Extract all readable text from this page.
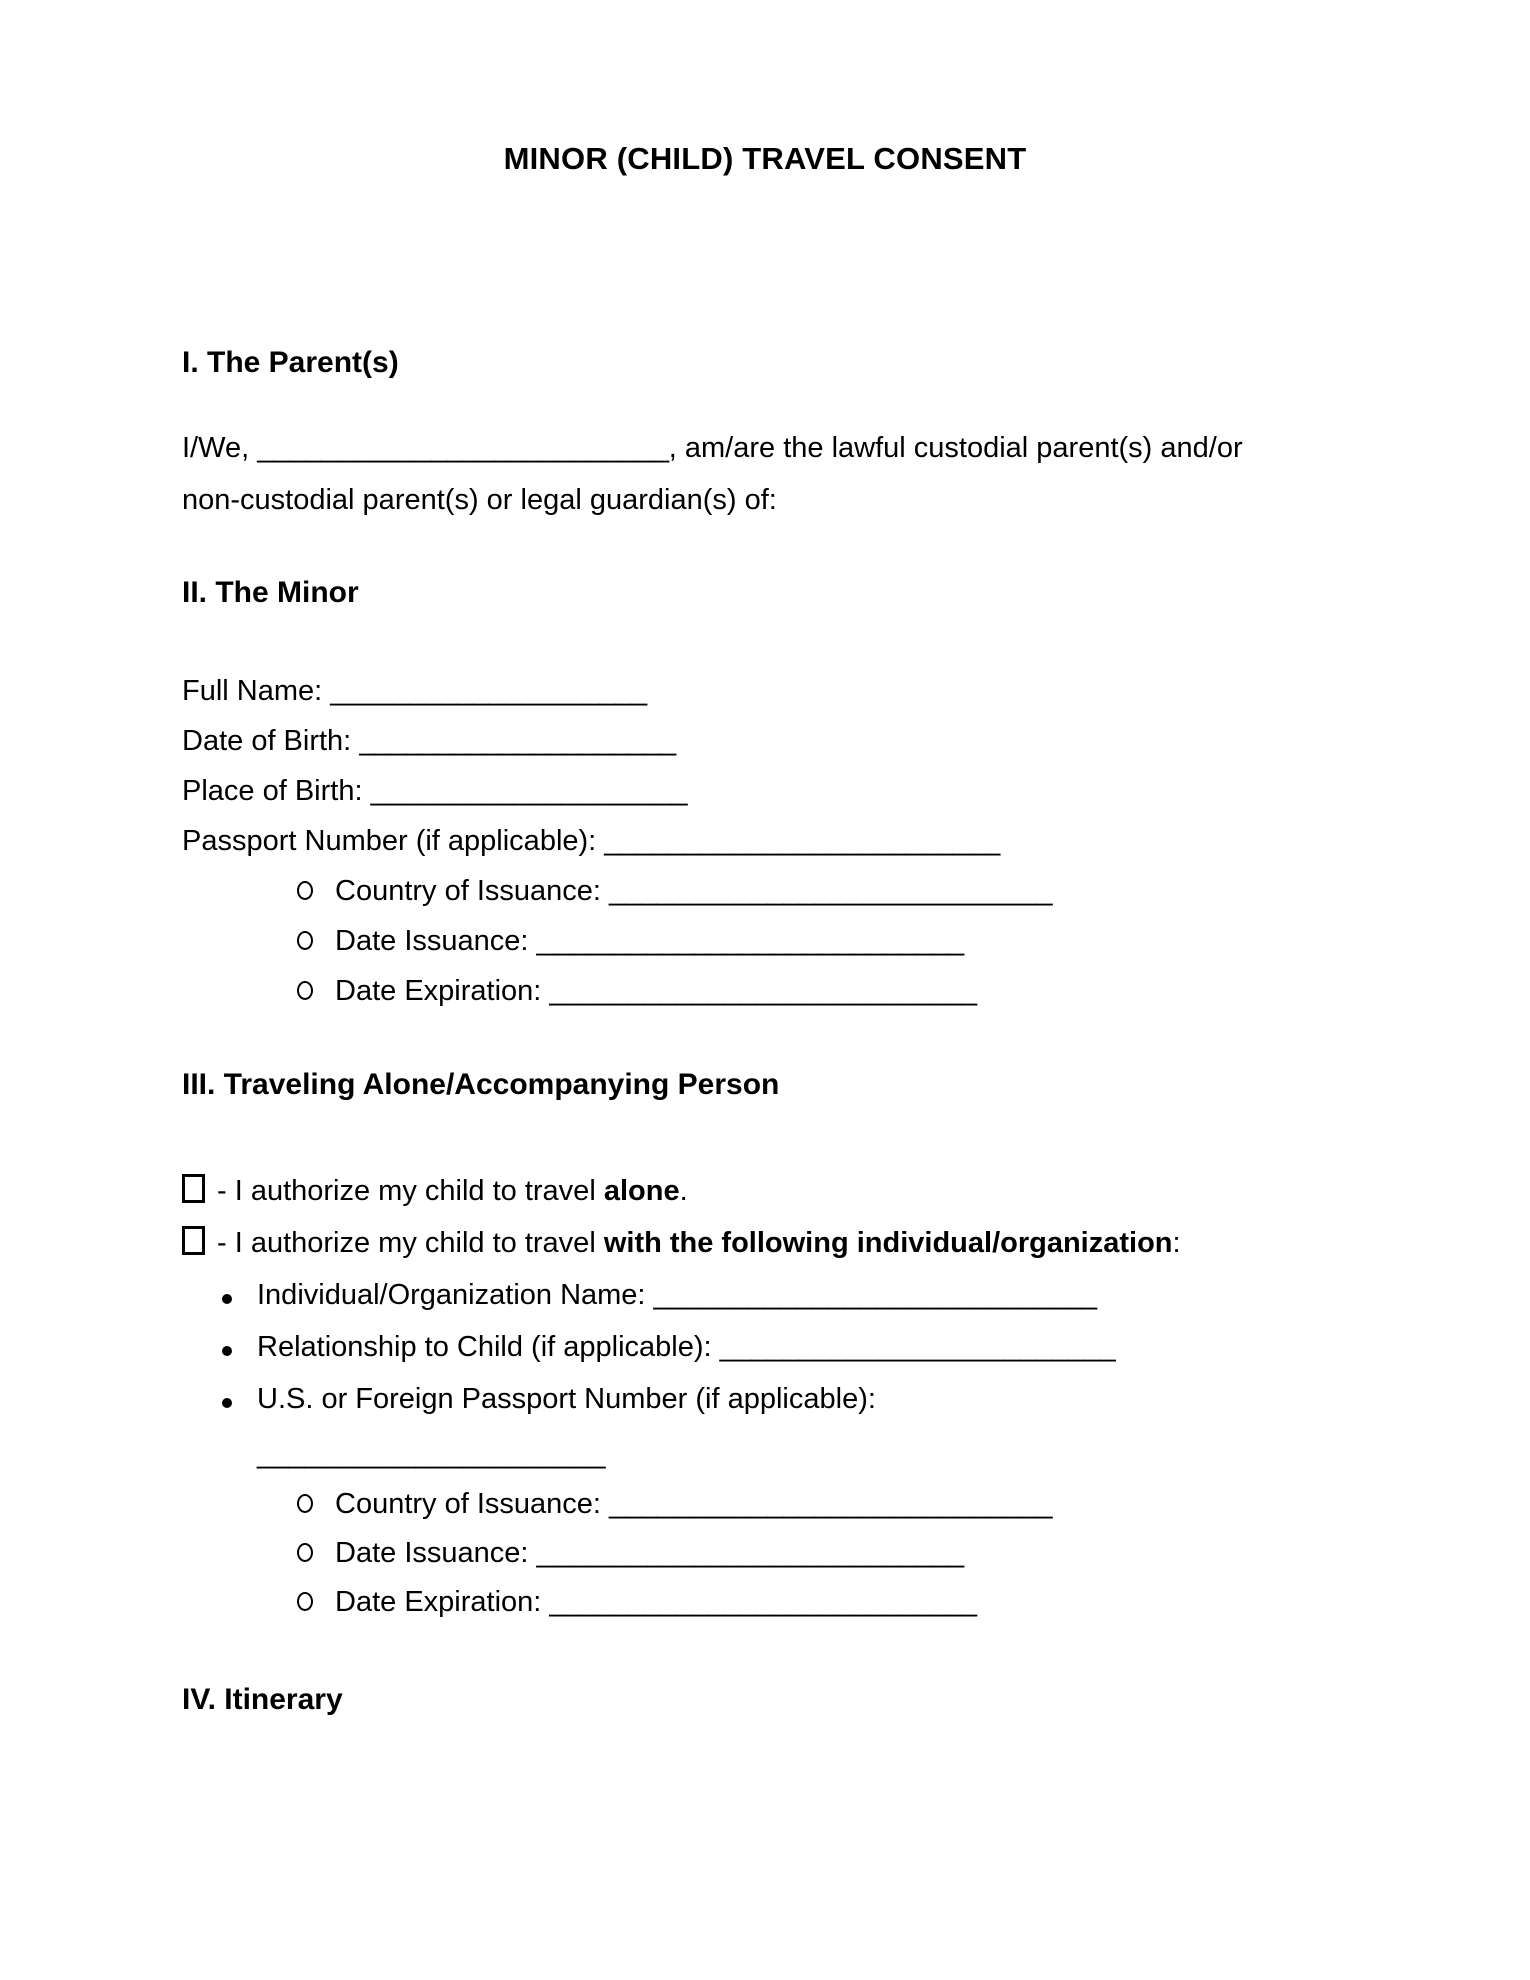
MINOR (CHILD) TRAVEL CONSENT
I. The Parent(s)
I/We, __________________________, am/are the lawful custodial parent(s) and/or
non-custodial parent(s) or legal guardian(s) of:
II. The Minor
Full Name: ____________________
Date of Birth: ____________________
Place of Birth: ____________________
Passport Number (if applicable): _________________________
Country of Issuance: ____________________________
Date Issuance: ___________________________
Date Expiration: ___________________________
III. Traveling Alone/Accompanying Person
- I authorize my child to travel alone.
- I authorize my child to travel with the following individual/organization:
Individual/Organization Name: ____________________________
Relationship to Child (if applicable): _________________________
U.S. or Foreign Passport Number (if applicable):
______________________
Country of Issuance: ____________________________
Date Issuance: ___________________________
Date Expiration: ___________________________
IV. Itinerary
